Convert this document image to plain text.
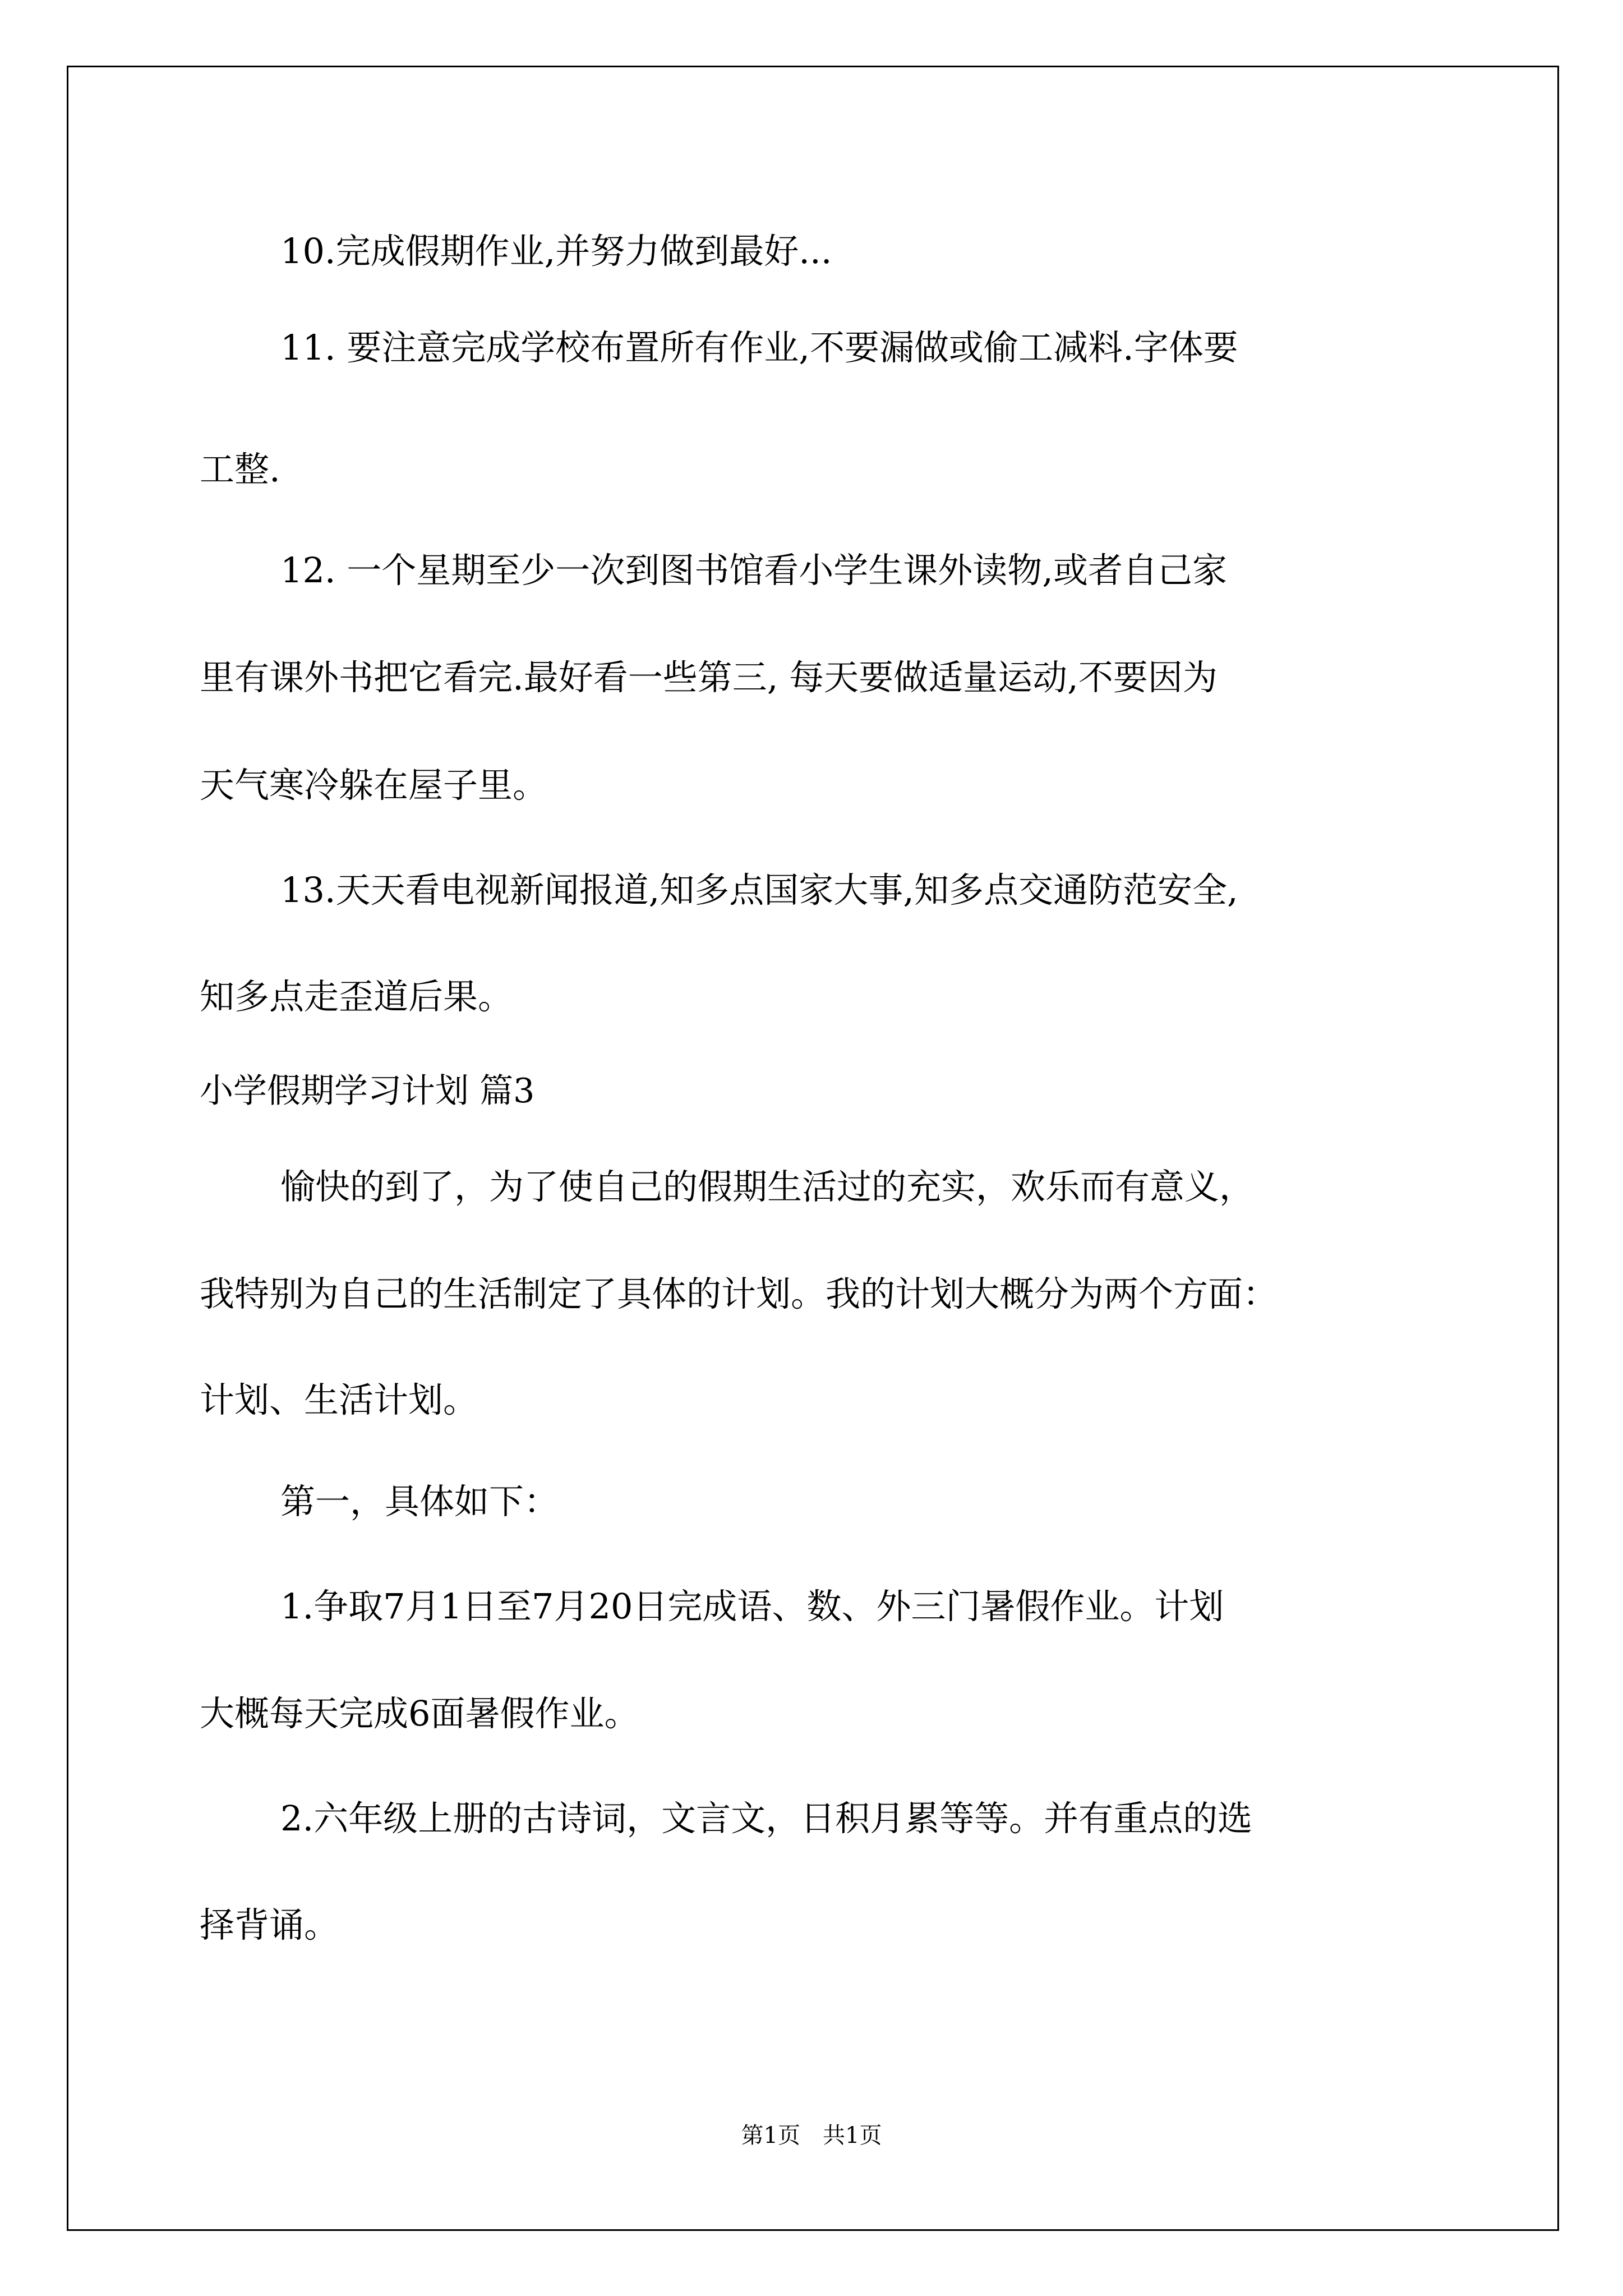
10.完成假期作业,并努力做到最好...

11. 要注意完成学校布置所有作业,不要漏做或偷工减料.字体要

工整.

12. 一个星期至少一次到图书馆看小学生课外读物,或者自己家

里有课外书把它看完.最好看一些第三, 每天要做适量运动,不要因为

天气寒冷躲在屋子里。

13.天天看电视新闻报道,知多点国家大事,知多点交通防范安全,

知多点走歪道后果。

小学假期学习计划 篇3

愉快的到了，为了使自己的假期生活过的充实，欢乐而有意义，

我特别为自己的生活制定了具体的计划。我的计划大概分为两个方面：

计划、生活计划。

第一，具体如下：

1.争取7月1日至7月20日完成语、数、外三门暑假作业。计划

大概每天完成6面暑假作业。

2.六年级上册的古诗词，文言文，日积月累等等。并有重点的选

择背诵。

第1页　共1页
